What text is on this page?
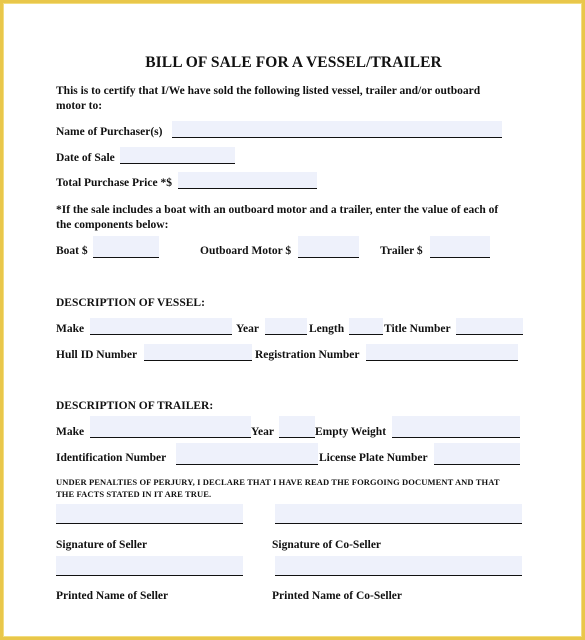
BILL OF SALE FOR A VESSEL/TRAILER
This is to certify that I/We have sold the following listed vessel, trailer and/or outboard
motor to:
Name of Purchaser(s)
Date of Sale
Total Purchase Price *$
*If the sale includes a boat with an outboard motor and a trailer, enter the value of each of
the components below:
Boat $	Outboard Motor $	Trailer $
DESCRIPTION OF VESSEL:
Make	Year	Length	Title Number
Hull ID Number	Registration Number
DESCRIPTION OF TRAILER:
Make	Year	Empty Weight
Identification Number	License Plate Number
UNDER PENALTIES OF PERJURY, I DECLARE THAT I HAVE READ THE FORGOING DOCUMENT AND THAT
THE FACTS STATED IN IT ARE TRUE.
Signature of Seller	Signature of Co-Seller
Printed Name of Seller	Printed Name of Co-Seller
